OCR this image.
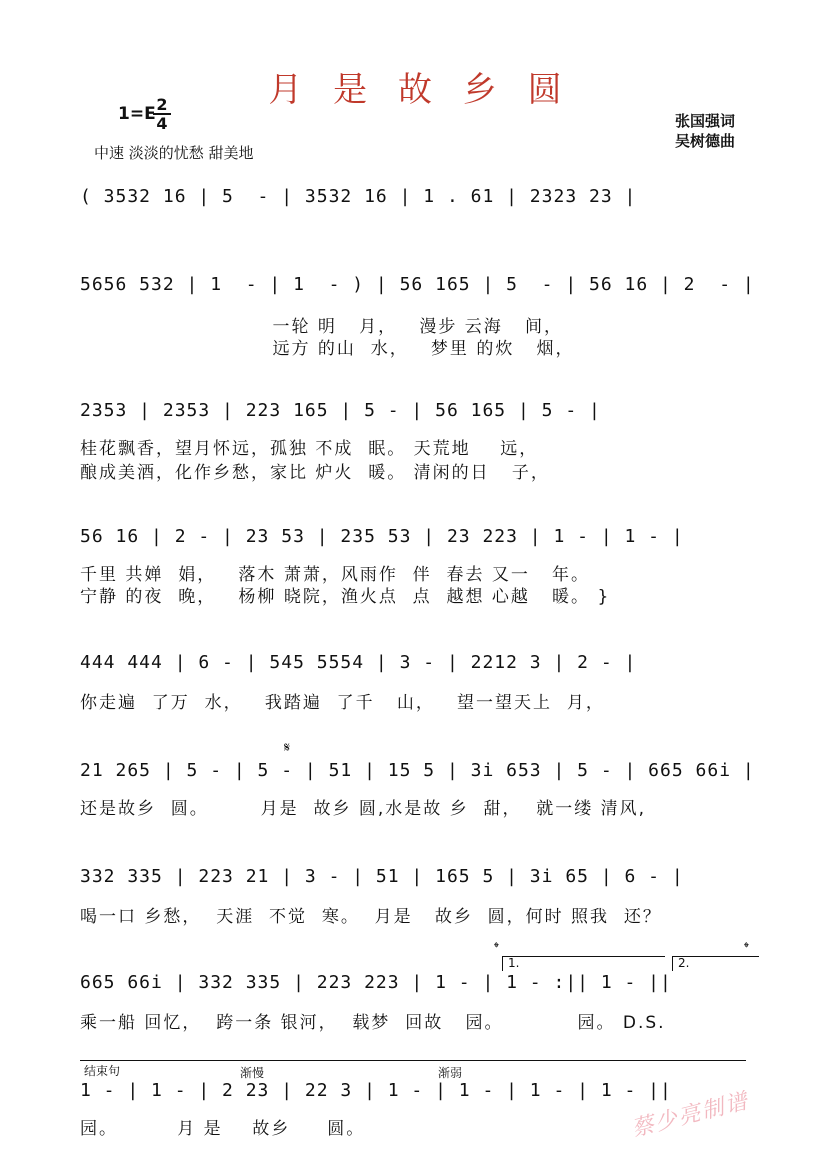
月 是 故 乡 圆
1=E 2
4
中速 淡淡的忧愁 甜美地
张国强词
吴树德曲
( 3532 16 | 5  - | 3532 16 | 1 . 61 | 2323 23 |
5656 532 | 1  - | 1  - ) | 56 165 | 5  - | 56 16 | 2  - |
一轮 明   月，   漫步 云海   间，
远方 的山  水，   梦里 的炊   烟，
2353 | 2353 | 223 165 | 5 - | 56 165 | 5 - |
桂花飘香，望月怀远，孤独 不成  眠。 天荒地    远，
酿成美酒，化作乡愁，家比 炉火  暖。 清闲的日   子，
56 16 | 2 - | 23 53 | 235 53 | 23 223 | 1 - | 1 - |
千里 共婵  娟，   落木 萧萧，风雨作  伴  春去 又一   年。
宁静 的夜  晚，   杨柳 晓院，渔火点  点  越想 心越   暖。 }
444 444 | 6 - | 545 5554 | 3 - | 2212 3 | 2 - |
你走遍  了万  水，   我踏遍  了千   山，   望一望天上  月，
𝄋
21 265 | 5 - | 5 - | 51 | 15 5 | 3i 653 | 5 - | 665 66i |
还是故乡  圆。       月是  故乡 圆,水是故 乡  甜，  就一缕 清风,
332 335 | 223 21 | 3 - | 51 | 165 5 | 3i 65 | 6 - |
喝一口 乡愁，  天涯  不觉  寒。  月是   故乡  圆，何时 照我  还？
𝄌	𝄌
1.	2.
665 66i | 332 335 | 223 223 | 1 - | 1 - :|| 1 - ||
乘一船 回忆，  跨一条 银河，  载梦  回故   园。          园。 D.S.
结束句	渐慢	渐弱
1 - | 1 - | 2 23 | 22 3 | 1 - | 1 - | 1 - | 1 - ||
园。        月 是    故乡     圆。	蔡少亮制谱
